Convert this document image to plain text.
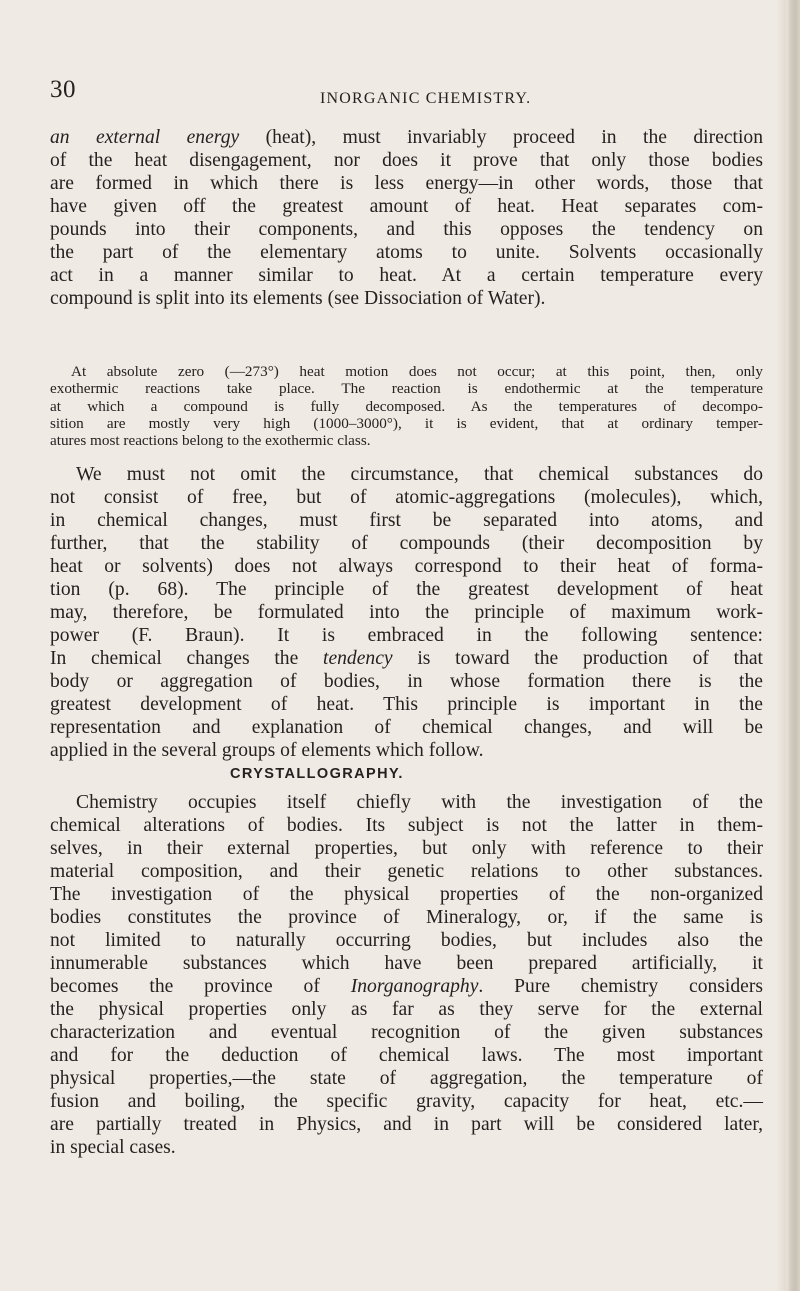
30	INORGANIC CHEMISTRY.
an external energy (heat), must invariably proceed in the direction
of the heat disengagement, nor does it prove that only those bodies
are formed in which there is less energy—in other words, those that
have given off the greatest amount of heat. Heat separates com-
pounds into their components, and this opposes the tendency on
the part of the elementary atoms to unite. Solvents occasionally
act in a manner similar to heat. At a certain temperature every
compound is split into its elements (see Dissociation of Water).
At absolute zero (—273°) heat motion does not occur; at this point, then, only
exothermic reactions take place. The reaction is endothermic at the temperature
at which a compound is fully decomposed. As the temperatures of decompo-
sition are mostly very high (1000–3000°), it is evident, that at ordinary temper-
atures most reactions belong to the exothermic class.
We must not omit the circumstance, that chemical substances do
not consist of free, but of atomic-aggregations (molecules), which,
in chemical changes, must first be separated into atoms, and
further, that the stability of compounds (their decomposition by
heat or solvents) does not always correspond to their heat of forma-
tion (p. 68). The principle of the greatest development of heat
may, therefore, be formulated into the principle of maximum work-
power (F. Braun). It is embraced in the following sentence:
In chemical changes the tendency is toward the production of that
body or aggregation of bodies, in whose formation there is the
greatest development of heat. This principle is important in the
representation and explanation of chemical changes, and will be
applied in the several groups of elements which follow.
CRYSTALLOGRAPHY.
Chemistry occupies itself chiefly with the investigation of the
chemical alterations of bodies. Its subject is not the latter in them-
selves, in their external properties, but only with reference to their
material composition, and their genetic relations to other substances.
The investigation of the physical properties of the non-organized
bodies constitutes the province of Mineralogy, or, if the same is
not limited to naturally occurring bodies, but includes also the
innumerable substances which have been prepared artificially, it
becomes the province of Inorganography. Pure chemistry considers
the physical properties only as far as they serve for the external
characterization and eventual recognition of the given substances
and for the deduction of chemical laws. The most important
physical properties,—the state of aggregation, the temperature of
fusion and boiling, the specific gravity, capacity for heat, etc.—
are partially treated in Physics, and in part will be considered later,
in special cases.
